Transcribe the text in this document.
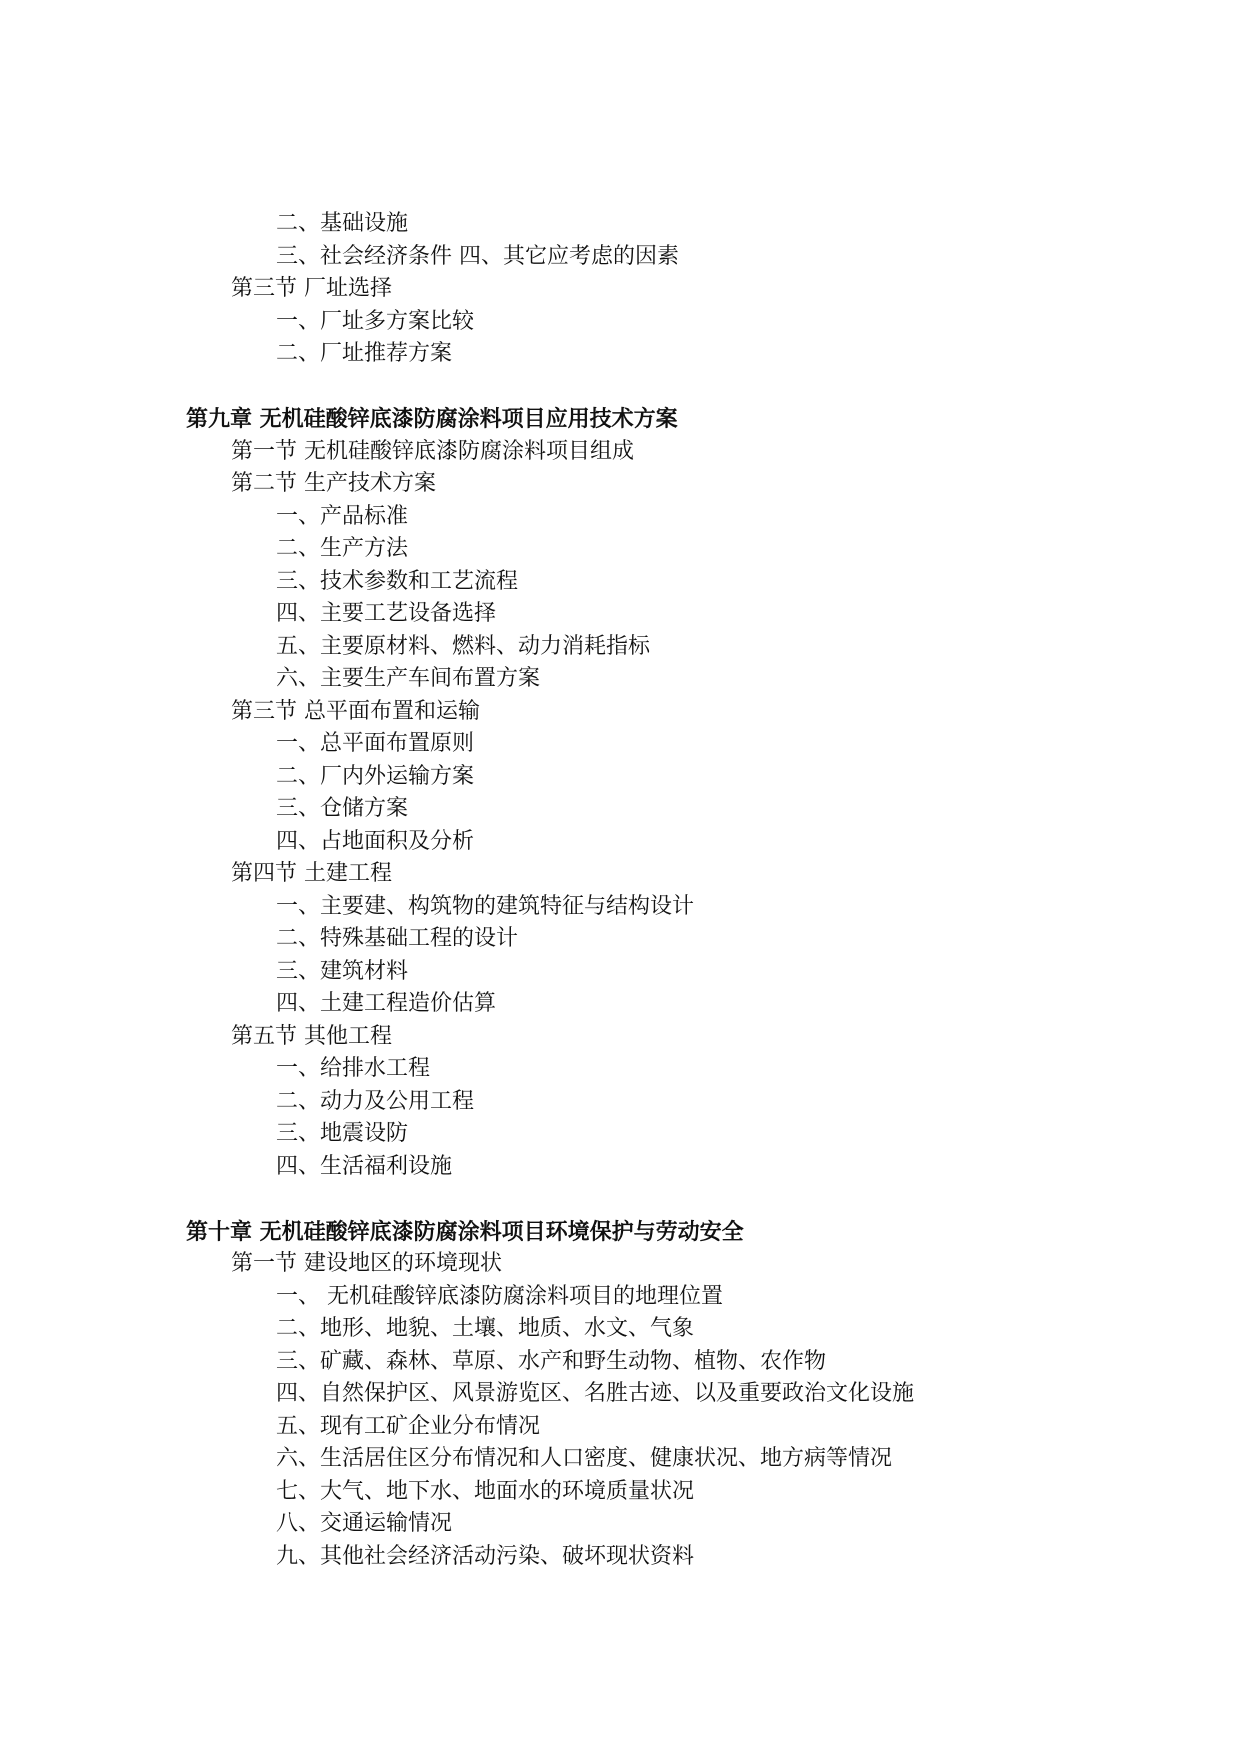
二、基础设施
三、社会经济条件 四、其它应考虑的因素
第三节 厂址选择
一、厂址多方案比较
二、厂址推荐方案
第九章 无机硅酸锌底漆防腐涂料项目应用技术方案
第一节 无机硅酸锌底漆防腐涂料项目组成
第二节 生产技术方案
一、产品标准
二、生产方法
三、技术参数和工艺流程
四、主要工艺设备选择
五、主要原材料、燃料、动力消耗指标
六、主要生产车间布置方案
第三节 总平面布置和运输
一、总平面布置原则
二、厂内外运输方案
三、仓储方案
四、占地面积及分析
第四节 土建工程
一、主要建、构筑物的建筑特征与结构设计
二、特殊基础工程的设计
三、建筑材料
四、土建工程造价估算
第五节 其他工程
一、给排水工程
二、动力及公用工程
三、地震设防
四、生活福利设施
第十章 无机硅酸锌底漆防腐涂料项目环境保护与劳动安全
第一节 建设地区的环境现状
一、 无机硅酸锌底漆防腐涂料项目的地理位置
二、地形、地貌、土壤、地质、水文、气象
三、矿藏、森林、草原、水产和野生动物、植物、农作物
四、自然保护区、风景游览区、名胜古迹、以及重要政治文化设施
五、现有工矿企业分布情况
六、生活居住区分布情况和人口密度、健康状况、地方病等情况
七、大气、地下水、地面水的环境质量状况
八、交通运输情况
九、其他社会经济活动污染、破坏现状资料
